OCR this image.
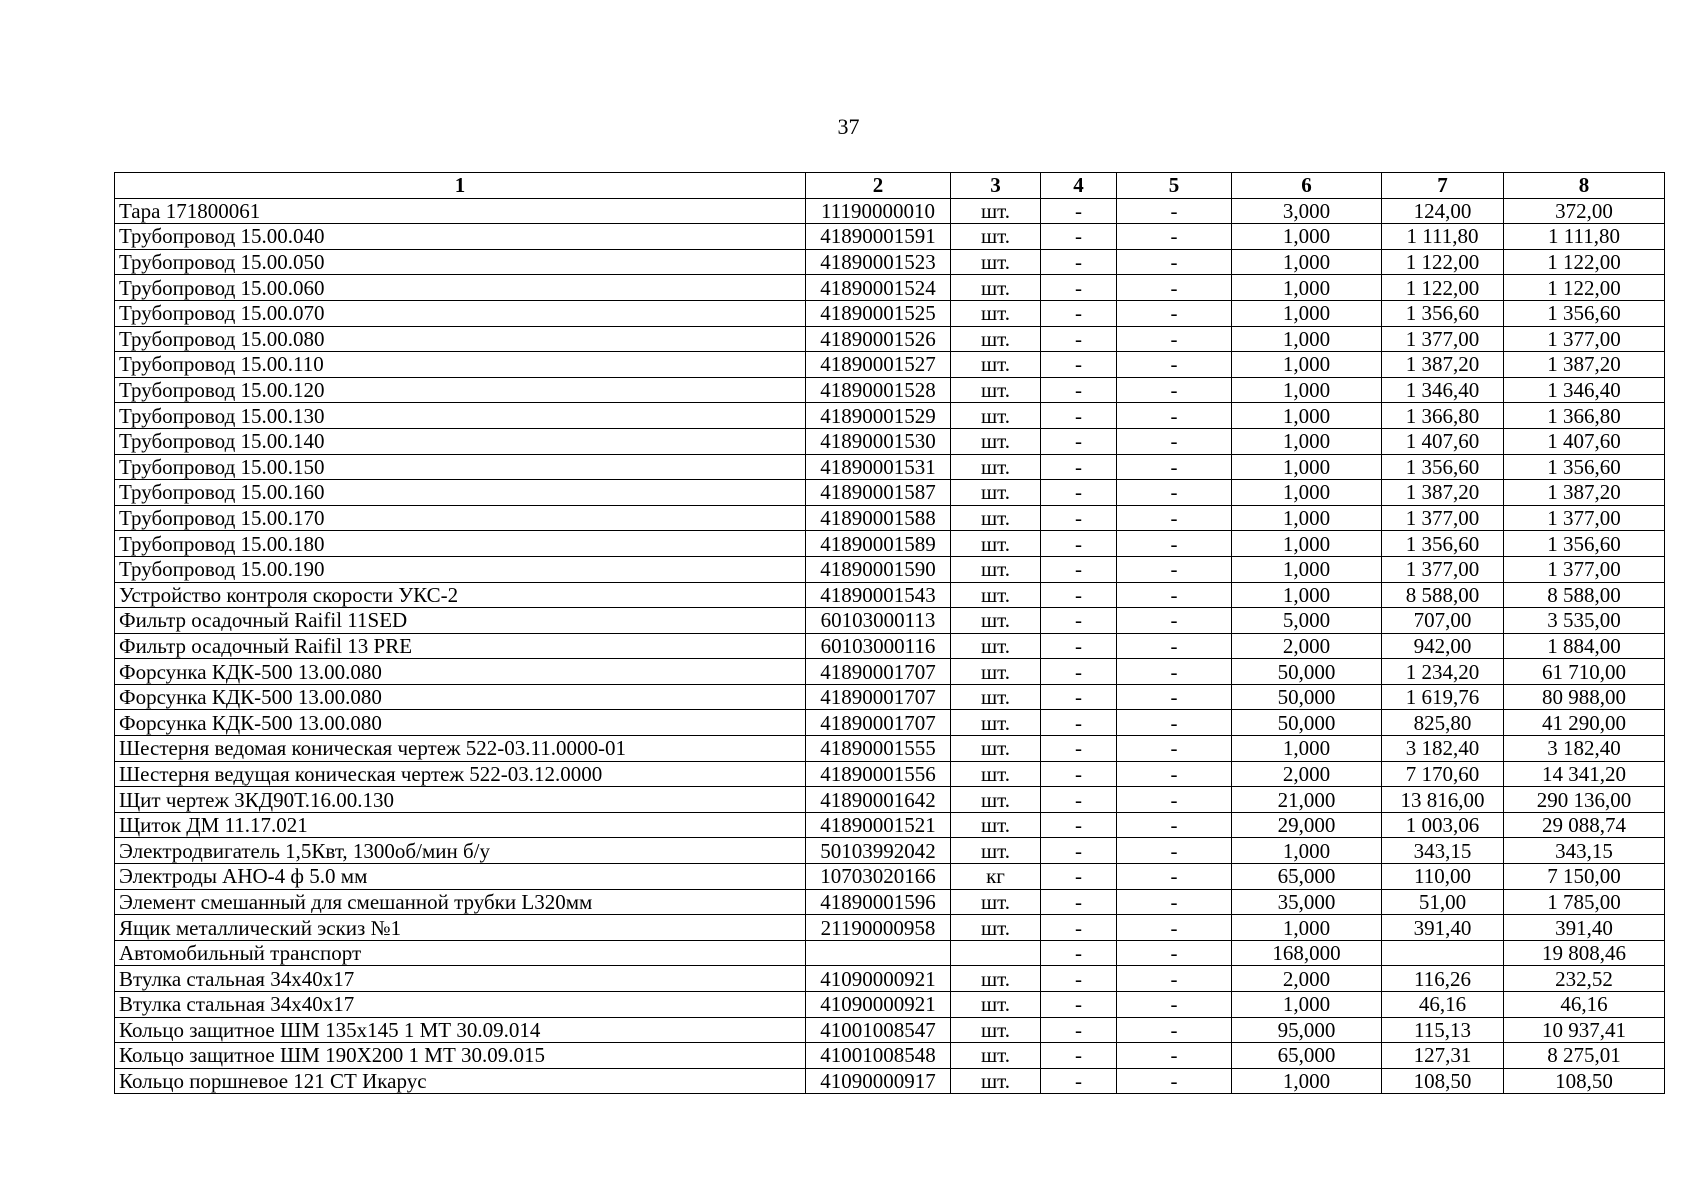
37
1	2	3	4	5	6	7	8
Тара 171800061	11190000010	шт.	-	-	3,000	124,00	372,00
Трубопровод 15.00.040	41890001591	шт.	-	-	1,000	1 111,80	1 111,80
Трубопровод 15.00.050	41890001523	шт.	-	-	1,000	1 122,00	1 122,00
Трубопровод 15.00.060	41890001524	шт.	-	-	1,000	1 122,00	1 122,00
Трубопровод 15.00.070	41890001525	шт.	-	-	1,000	1 356,60	1 356,60
Трубопровод 15.00.080	41890001526	шт.	-	-	1,000	1 377,00	1 377,00
Трубопровод 15.00.110	41890001527	шт.	-	-	1,000	1 387,20	1 387,20
Трубопровод 15.00.120	41890001528	шт.	-	-	1,000	1 346,40	1 346,40
Трубопровод 15.00.130	41890001529	шт.	-	-	1,000	1 366,80	1 366,80
Трубопровод 15.00.140	41890001530	шт.	-	-	1,000	1 407,60	1 407,60
Трубопровод 15.00.150	41890001531	шт.	-	-	1,000	1 356,60	1 356,60
Трубопровод 15.00.160	41890001587	шт.	-	-	1,000	1 387,20	1 387,20
Трубопровод 15.00.170	41890001588	шт.	-	-	1,000	1 377,00	1 377,00
Трубопровод 15.00.180	41890001589	шт.	-	-	1,000	1 356,60	1 356,60
Трубопровод 15.00.190	41890001590	шт.	-	-	1,000	1 377,00	1 377,00
Устройство контроля скорости УКС-2	41890001543	шт.	-	-	1,000	8 588,00	8 588,00
Фильтр осадочный Raifil 11SED	60103000113	шт.	-	-	5,000	707,00	3 535,00
Фильтр осадочный Raifil 13 PRE	60103000116	шт.	-	-	2,000	942,00	1 884,00
Форсунка КДК-500 13.00.080	41890001707	шт.	-	-	50,000	1 234,20	61 710,00
Форсунка КДК-500 13.00.080	41890001707	шт.	-	-	50,000	1 619,76	80 988,00
Форсунка КДК-500 13.00.080	41890001707	шт.	-	-	50,000	825,80	41 290,00
Шестерня ведомая коническая чертеж 522-03.11.0000-01	41890001555	шт.	-	-	1,000	3 182,40	3 182,40
Шестерня ведущая коническая чертеж 522-03.12.0000	41890001556	шт.	-	-	2,000	7 170,60	14 341,20
Щит чертеж ЗКД90Т.16.00.130	41890001642	шт.	-	-	21,000	13 816,00	290 136,00
Щиток ДМ 11.17.021	41890001521	шт.	-	-	29,000	1 003,06	29 088,74
Электродвигатель 1,5Квт, 1300об/мин б/у	50103992042	шт.	-	-	1,000	343,15	343,15
Электроды АНО-4 ф 5.0 мм	10703020166	кг	-	-	65,000	110,00	7 150,00
Элемент смешанный для смешанной трубки L320мм	41890001596	шт.	-	-	35,000	51,00	1 785,00
Ящик металлический эскиз №1	21190000958	шт.	-	-	1,000	391,40	391,40
Автомобильный транспорт			-	-	168,000		19 808,46
Втулка стальная 34х40х17	41090000921	шт.	-	-	2,000	116,26	232,52
Втулка стальная 34х40х17	41090000921	шт.	-	-	1,000	46,16	46,16
Кольцо защитное ШМ 135х145 1 МТ 30.09.014	41001008547	шт.	-	-	95,000	115,13	10 937,41
Кольцо защитное ШМ 190Х200 1 МТ 30.09.015	41001008548	шт.	-	-	65,000	127,31	8 275,01
Кольцо поршневое 121 СТ Икарус	41090000917	шт.	-	-	1,000	108,50	108,50
